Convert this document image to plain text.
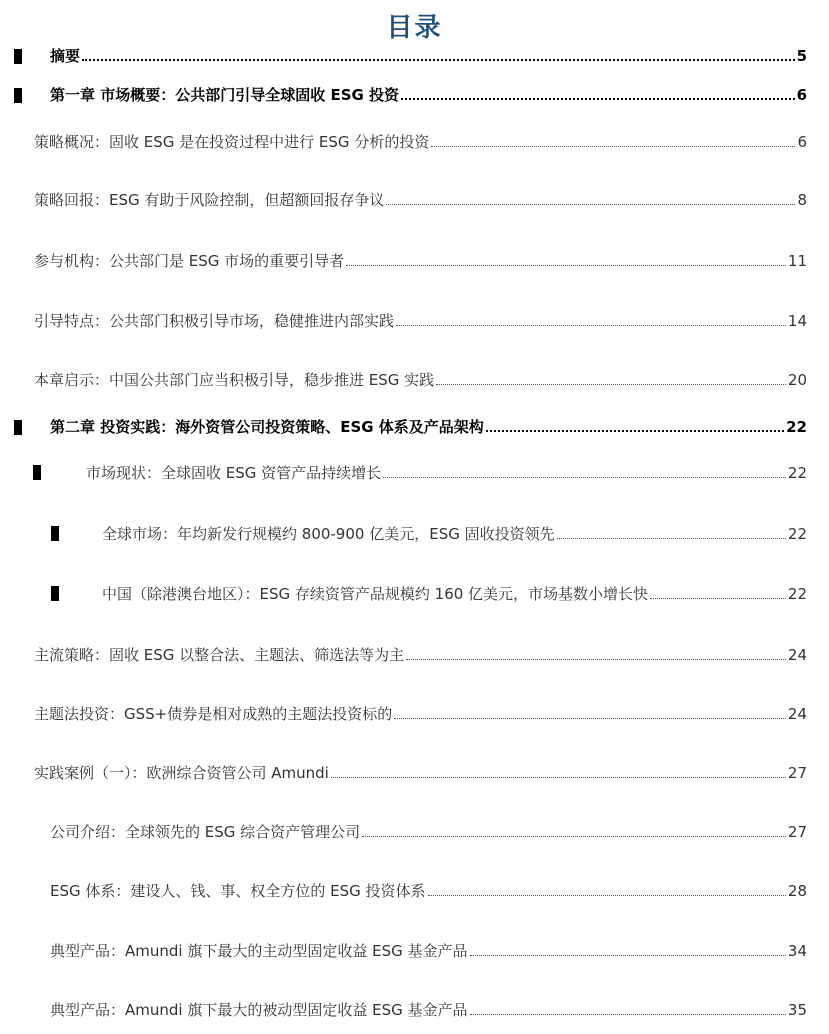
目录
摘要	5
第一章 市场概要：公共部门引导全球固收 ESG 投资	6
策略概况：固收 ESG 是在投资过程中进行 ESG 分析的投资	6
策略回报：ESG 有助于风险控制，但超额回报存争议	8
参与机构：公共部门是 ESG 市场的重要引导者	11
引导特点：公共部门积极引导市场，稳健推进内部实践	14
本章启示：中国公共部门应当积极引导，稳步推进 ESG 实践	20
第二章 投资实践：海外资管公司投资策略、ESG 体系及产品架构	22
市场现状：全球固收 ESG 资管产品持续增长	22
全球市场：年均新发行规模约 800-900 亿美元，ESG 固收投资领先	22
中国（除港澳台地区）：ESG 存续资管产品规模约 160 亿美元，市场基数小增长快	22
主流策略：固收 ESG 以整合法、主题法、筛选法等为主	24
主题法投资：GSS+债券是相对成熟的主题法投资标的	24
实践案例（一）：欧洲综合资管公司 Amundi	27
公司介绍：全球领先的 ESG 综合资产管理公司	27
ESG 体系：建设人、钱、事、权全方位的 ESG 投资体系	28
典型产品：Amundi 旗下最大的主动型固定收益 ESG 基金产品	34
典型产品：Amundi 旗下最大的被动型固定收益 ESG 基金产品	35
